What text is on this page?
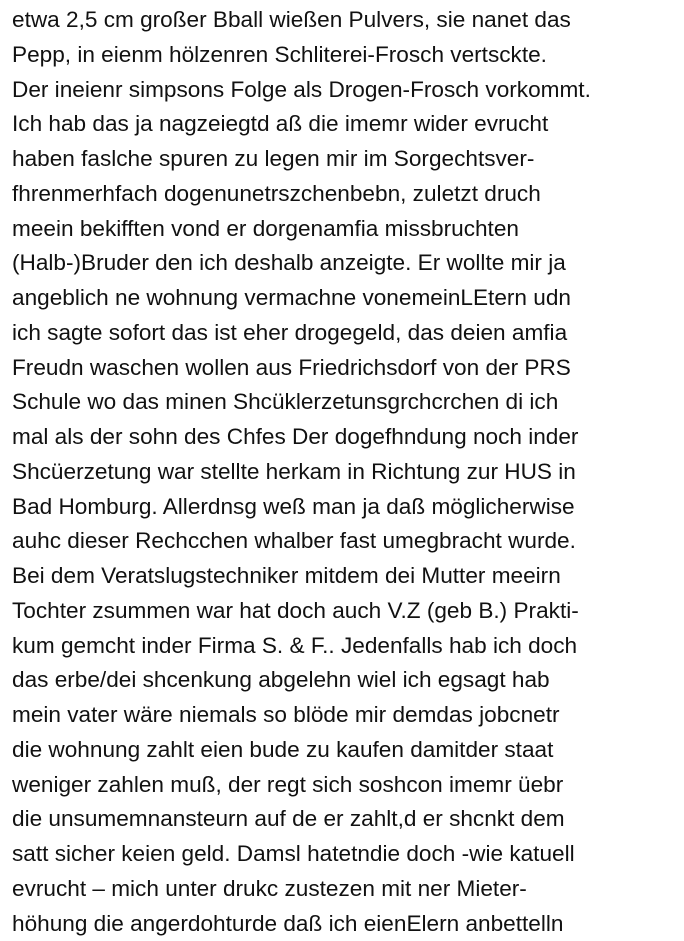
etwa 2,5 cm großer Bball wießen Pulvers, sie nanet das
Pepp, in eienm hölzenren Schliterei-Frosch vertsckte.
Der ineienr simpsons Folge als Drogen-Frosch vorkommt.
Ich hab das ja nagzeiegtd aß die imemr wider evrucht
haben faslche spuren zu legen mir im Sorgechtsver-
fhrenmerhfach dogenunetrszchenbebn, zuletzt druch
meein bekifften vond er dorgenamfia missbruchten
(Halb-)Bruder den ich deshalb anzeigte. Er wollte mir ja
angeblich ne wohnung vermachne vonemeinLEtern udn
ich sagte sofort das ist eher drogegeld, das deien amfia
Freudn waschen wollen aus Friedrichsdorf von der PRS
Schule wo das minen Shcüklerzetunsgrchcrchen di ich
mal als der sohn des Chfes Der dogefhndung noch inder
Shcüerzetung war stellte herkam in Richtung zur HUS in
Bad Homburg. Allerdnsg weß man ja daß möglicherwise
auhc dieser Rechcchen whalber fast umegbracht wurde.
Bei dem Veratslugstechniker mitdem dei Mutter meeirn
Tochter zsummen war hat doch auch V.Z (geb B.) Prakti-
kum gemcht inder Firma S. & F.. Jedenfalls hab ich doch
das erbe/dei shcenkung abgelehn wiel ich egsagt hab
mein vater wäre niemals so blöde mir demdas jobcnetr
die wohnung zahlt eien bude zu kaufen damitder staat
weniger zahlen muß, der regt sich soshcon imemr üebr
die unsumemnansteurn auf de er zahlt,d er shcnkt dem
satt sicher keien geld. Damsl hatetndie doch -wie katuell
evrucht – mich unter drukc zustezen mit ner Mieter-
höhung die angerdohturde daß ich eienElern anbettelln
